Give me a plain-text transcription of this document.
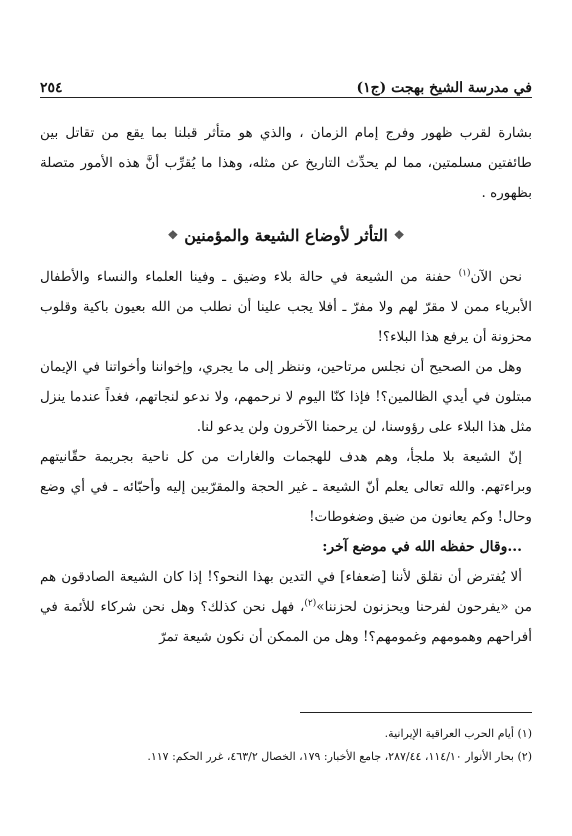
في مدرسة الشيخ بهجت (ج١)
٢٥٤

بشارة لقرب ظهور وفرج إمام الزمان ، والذي هو متأثر قبلنا بما يقع من تقاتل بين طائفتين مسلمتين، مما لم يحدِّث التاريخ عن مثله، وهذا ما يُقرِّب أنَّ هذه الأمور متصلة بظهوره .

❖
التأثر لأوضاع الشيعة والمؤمنين
❖

نحن الآن$^{(١)}$ حفنة من الشيعة في حالة بلاء وضيق ـ وفينا العلماء والنساء والأطفال الأبرياء ممن لا مقرّ لهم ولا مفرّ ـ أفلا يجب علينا أن نطلب من الله بعيون باكية وقلوب محزونة أن يرفع هذا البلاء؟!

وهل من الصحيح أن نجلس مرتاحين، وننظر إلى ما يجري، وإخواننا وأخواتنا في الإيمان مبتلون في أيدي الظالمين؟! فإذا كنّا اليوم لا نرحمهم، ولا ندعو لنجاتهم، فغداً عندما ينزل مثل هذا البلاء على رؤوسنا، لن يرحمنا الآخرون ولن يدعو لنا.

إنّ الشيعة بلا ملجأ، وهم هدف للهجمات والغارات من كل ناحية بجريمة حقّانيتهم وبراءتهم. والله تعالى يعلم أنّ الشيعة ـ غير الحجة والمقرّبين إليه وأحبّائه ـ في أي وضع وحال! وكم يعانون من ضيق وضغوطات!

...وقال حفظه الله في موضع آخر:

ألا يُفترض أن نقلق لأننا [ضعفاء] في التدين بهذا النحو؟! إذا كان الشيعة الصادقون هم من «يفرحون لفرحنا ويحزنون لحزننا»$^{(٢)}$، فهل نحن كذلك؟ وهل نحن شركاء للأئمة في أفراحهم وهمومهم وغمومهم؟! وهل من الممكن أن نكون شيعة تمرّ

(١) أيام الحرب العراقية الإيرانية.

(٢) بحار الأنوار ١١٤/١٠، ٢٨٧/٤٤، جامع الأخبار: ١٧٩، الخصال ٤٦٣/٢، غرر الحكم: ١١٧.
